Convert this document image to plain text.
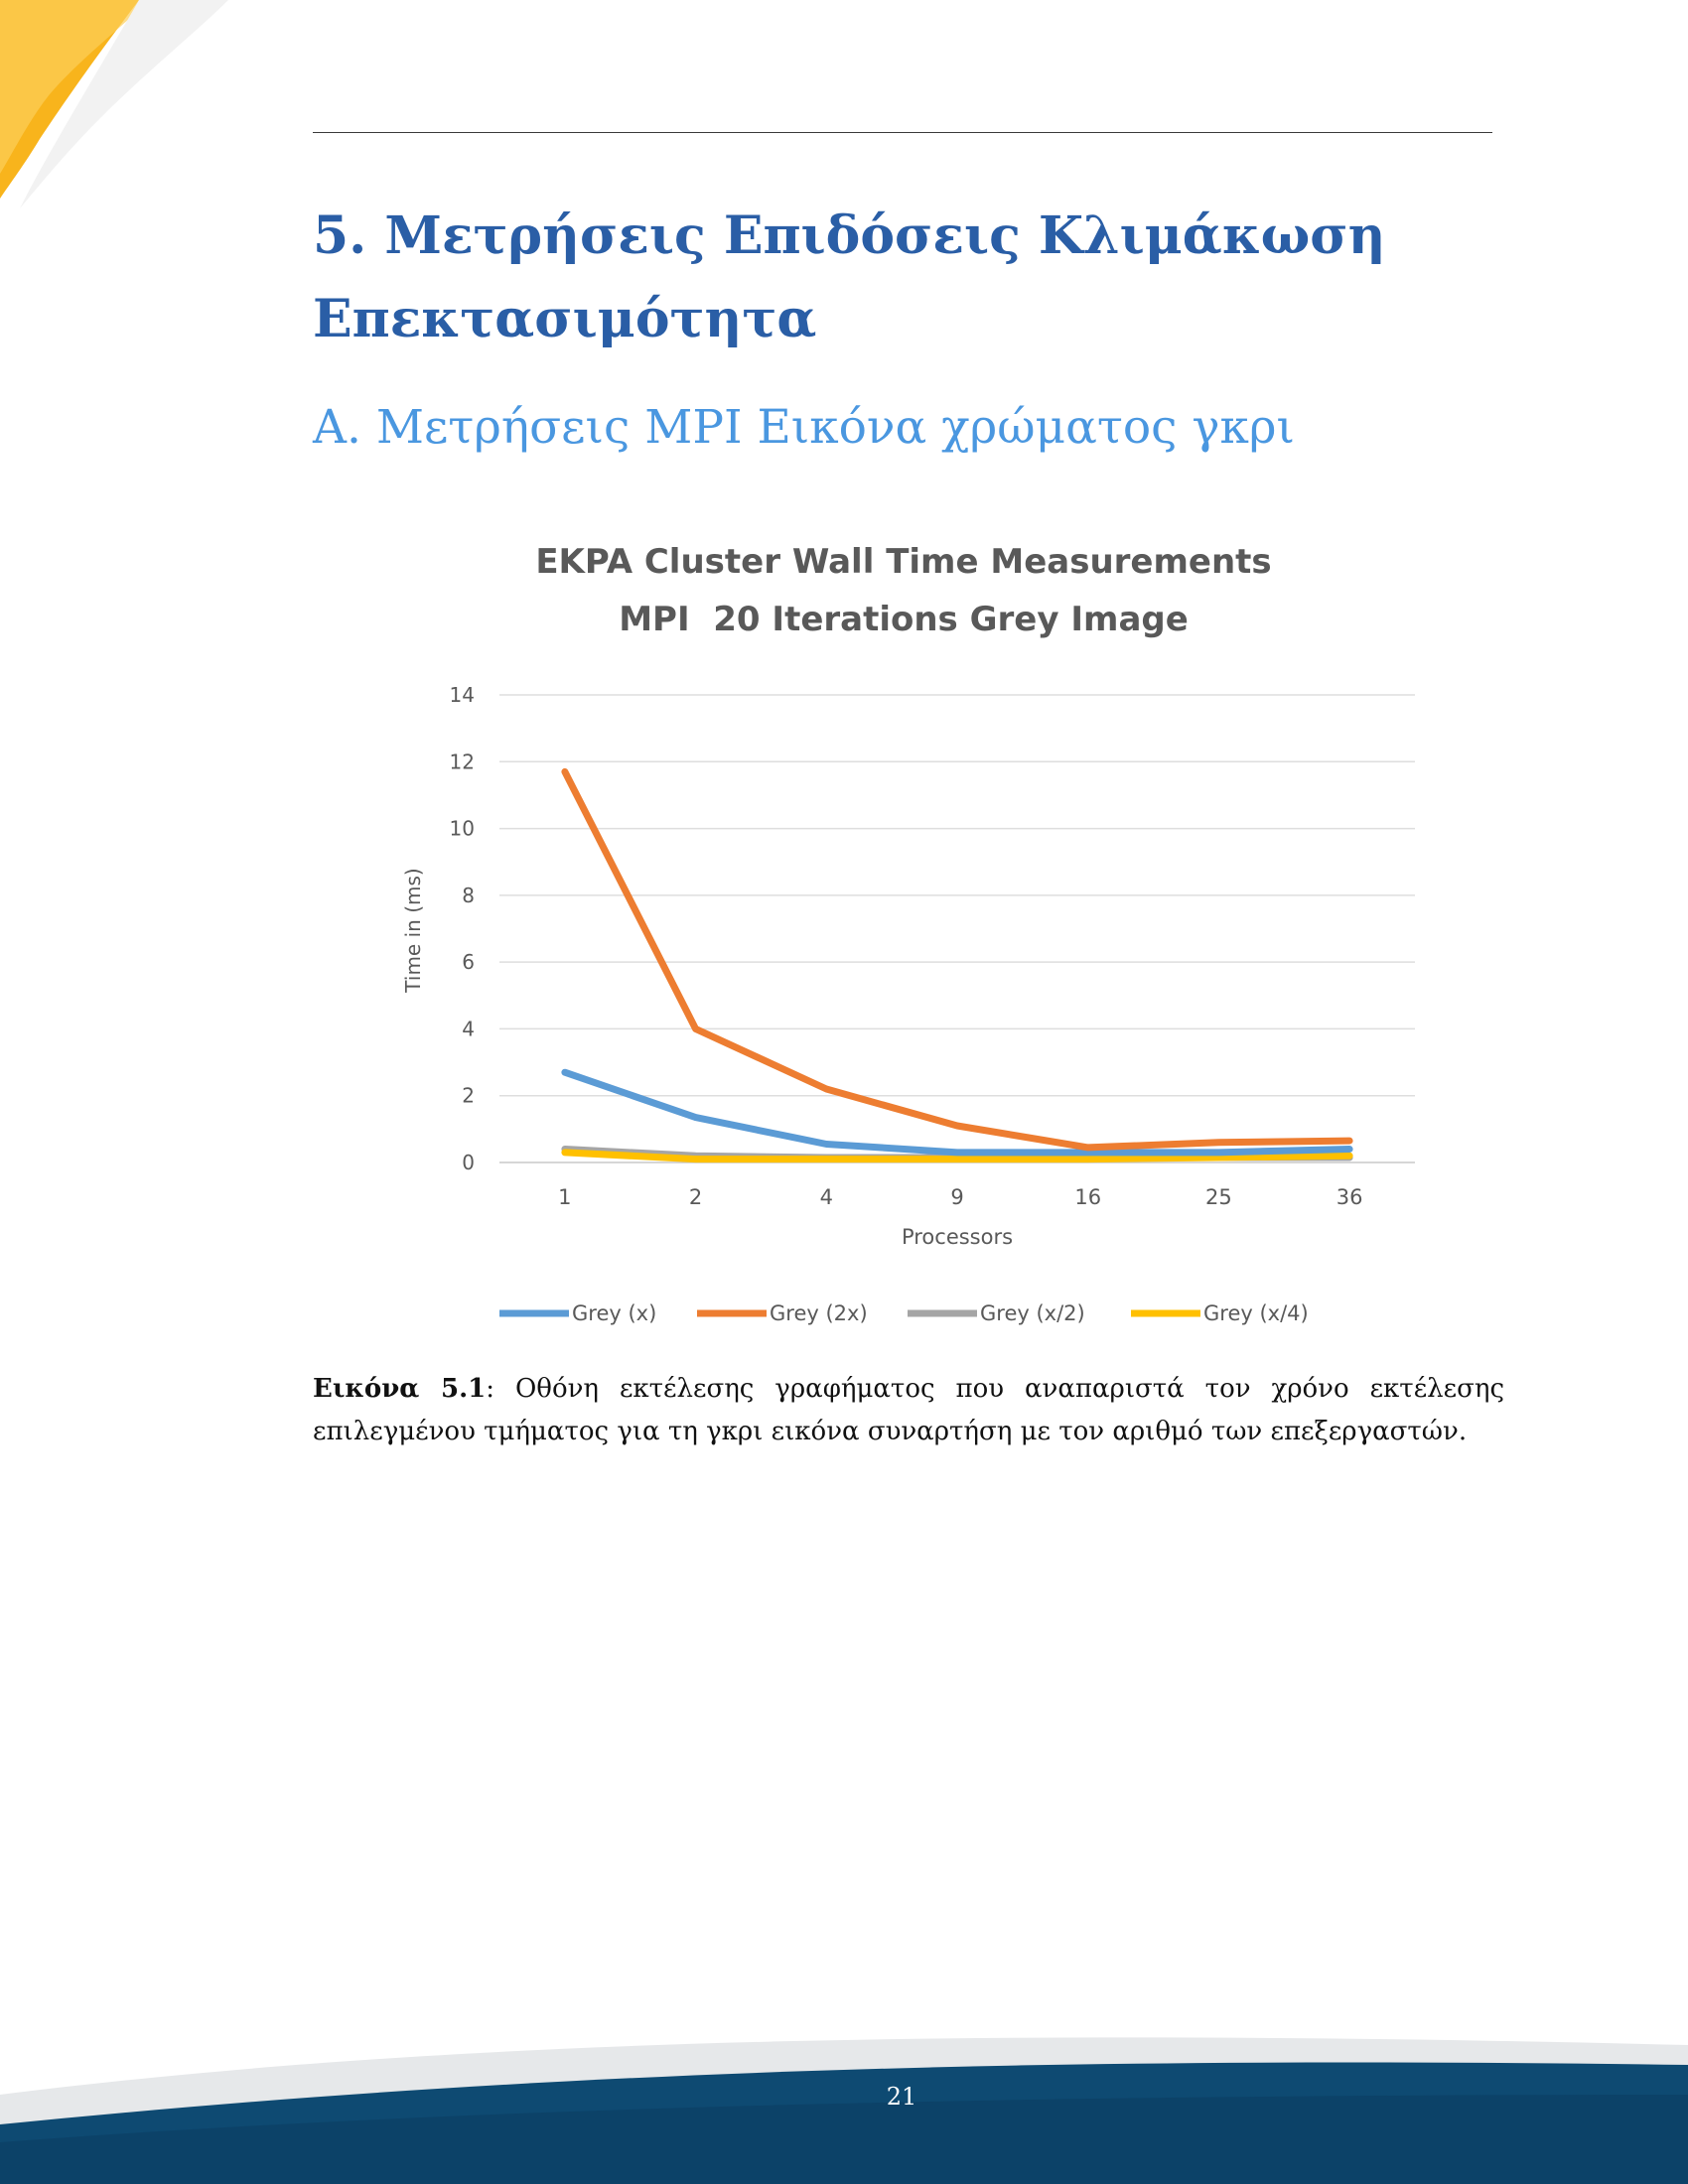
5. Μετρήσεις Επιδόσεις Κλιμάκωση Επεκτασιμότητα
Α. Μετρήσεις MPI Εικόνα χρώματος γκρι
EKPA Cluster Wall Time Measurements
MPI  20 Iterations Grey Image
0
2
4
6
8
10
12
14
1	2	4	9	16	25	36
Time in (ms)
Processors
Grey (x)	Grey (2x)	Grey (x/2)	Grey (x/4)

Εικόνα 5.1: Οθόνη εκτέλεσης γραφήματος που αναπαριστά τον χρόνο εκτέλεσης επιλεγμένου τμήματος για τη γκρι εικόνα συναρτήση με τον αριθμό των επεξεργαστών.

21
